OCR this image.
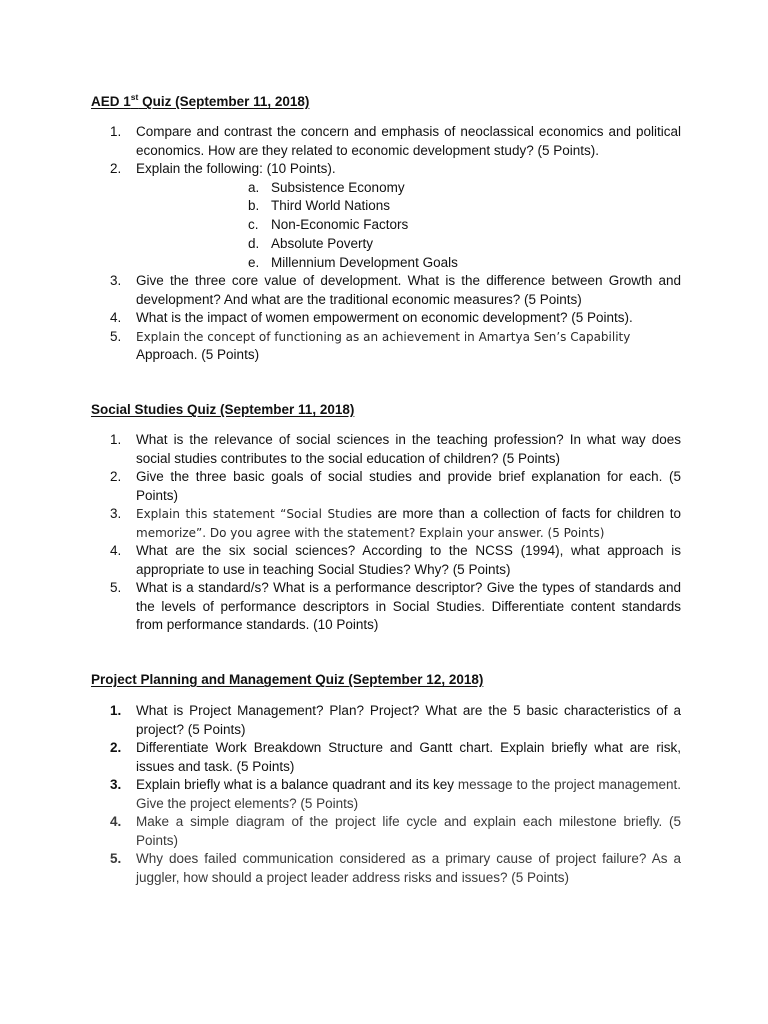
AED 1st Quiz (September 11, 2018)
1. Compare and contrast the concern and emphasis of neoclassical economics and political economics. How are they related to economic development study? (5 Points).
2. Explain the following: (10 Points).
a. Subsistence Economy
b. Third World Nations
c. Non-Economic Factors
d. Absolute Poverty
e. Millennium Development Goals
3. Give the three core value of development. What is the difference between Growth and development? And what are the traditional economic measures? (5 Points)
4. What is the impact of women empowerment on economic development? (5 Points).
5. Explain the concept of functioning as an achievement in Amartya Sen’s Capability
Approach. (5 Points)
Social Studies Quiz (September 11, 2018)
1. What is the relevance of social sciences in the teaching profession? In what way does social studies contributes to the social education of children? (5 Points)
2. Give the three basic goals of social studies and provide brief explanation for each. (5 Points)
3. Explain this statement “Social Studies are more than a collection of facts for children to memorize”. Do you agree with the statement? Explain your answer. (5 Points)
4. What are the six social sciences? According to the NCSS (1994), what approach is appropriate to use in teaching Social Studies? Why? (5 Points)
5. What is a standard/s? What is a performance descriptor? Give the types of standards and the levels of performance descriptors in Social Studies. Differentiate content standards from performance standards. (10 Points)
Project Planning and Management Quiz (September 12, 2018)
1. What is Project Management? Plan? Project? What are the 5 basic characteristics of a project? (5 Points)
2. Differentiate Work Breakdown Structure and Gantt chart. Explain briefly what are risk, issues and task. (5 Points)
3. Explain briefly what is a balance quadrant and its key message to the project management. Give the project elements? (5 Points)
4. Make a simple diagram of the project life cycle and explain each milestone briefly. (5 Points)
5. Why does failed communication considered as a primary cause of project failure? As a juggler, how should a project leader address risks and issues? (5 Points)
